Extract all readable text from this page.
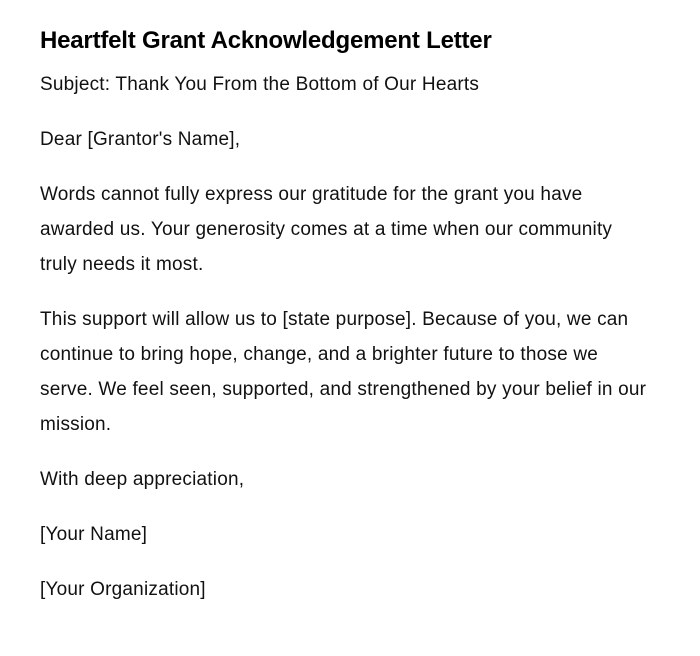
Heartfelt Grant Acknowledgement Letter

Subject: Thank You From the Bottom of Our Hearts

Dear [Grantor's Name],

Words cannot fully express our gratitude for the grant you have awarded us. Your generosity comes at a time when our community truly needs it most.

This support will allow us to [state purpose]. Because of you, we can continue to bring hope, change, and a brighter future to those we serve. We feel seen, supported, and strengthened by your belief in our mission.

With deep appreciation,

[Your Name]

[Your Organization]
